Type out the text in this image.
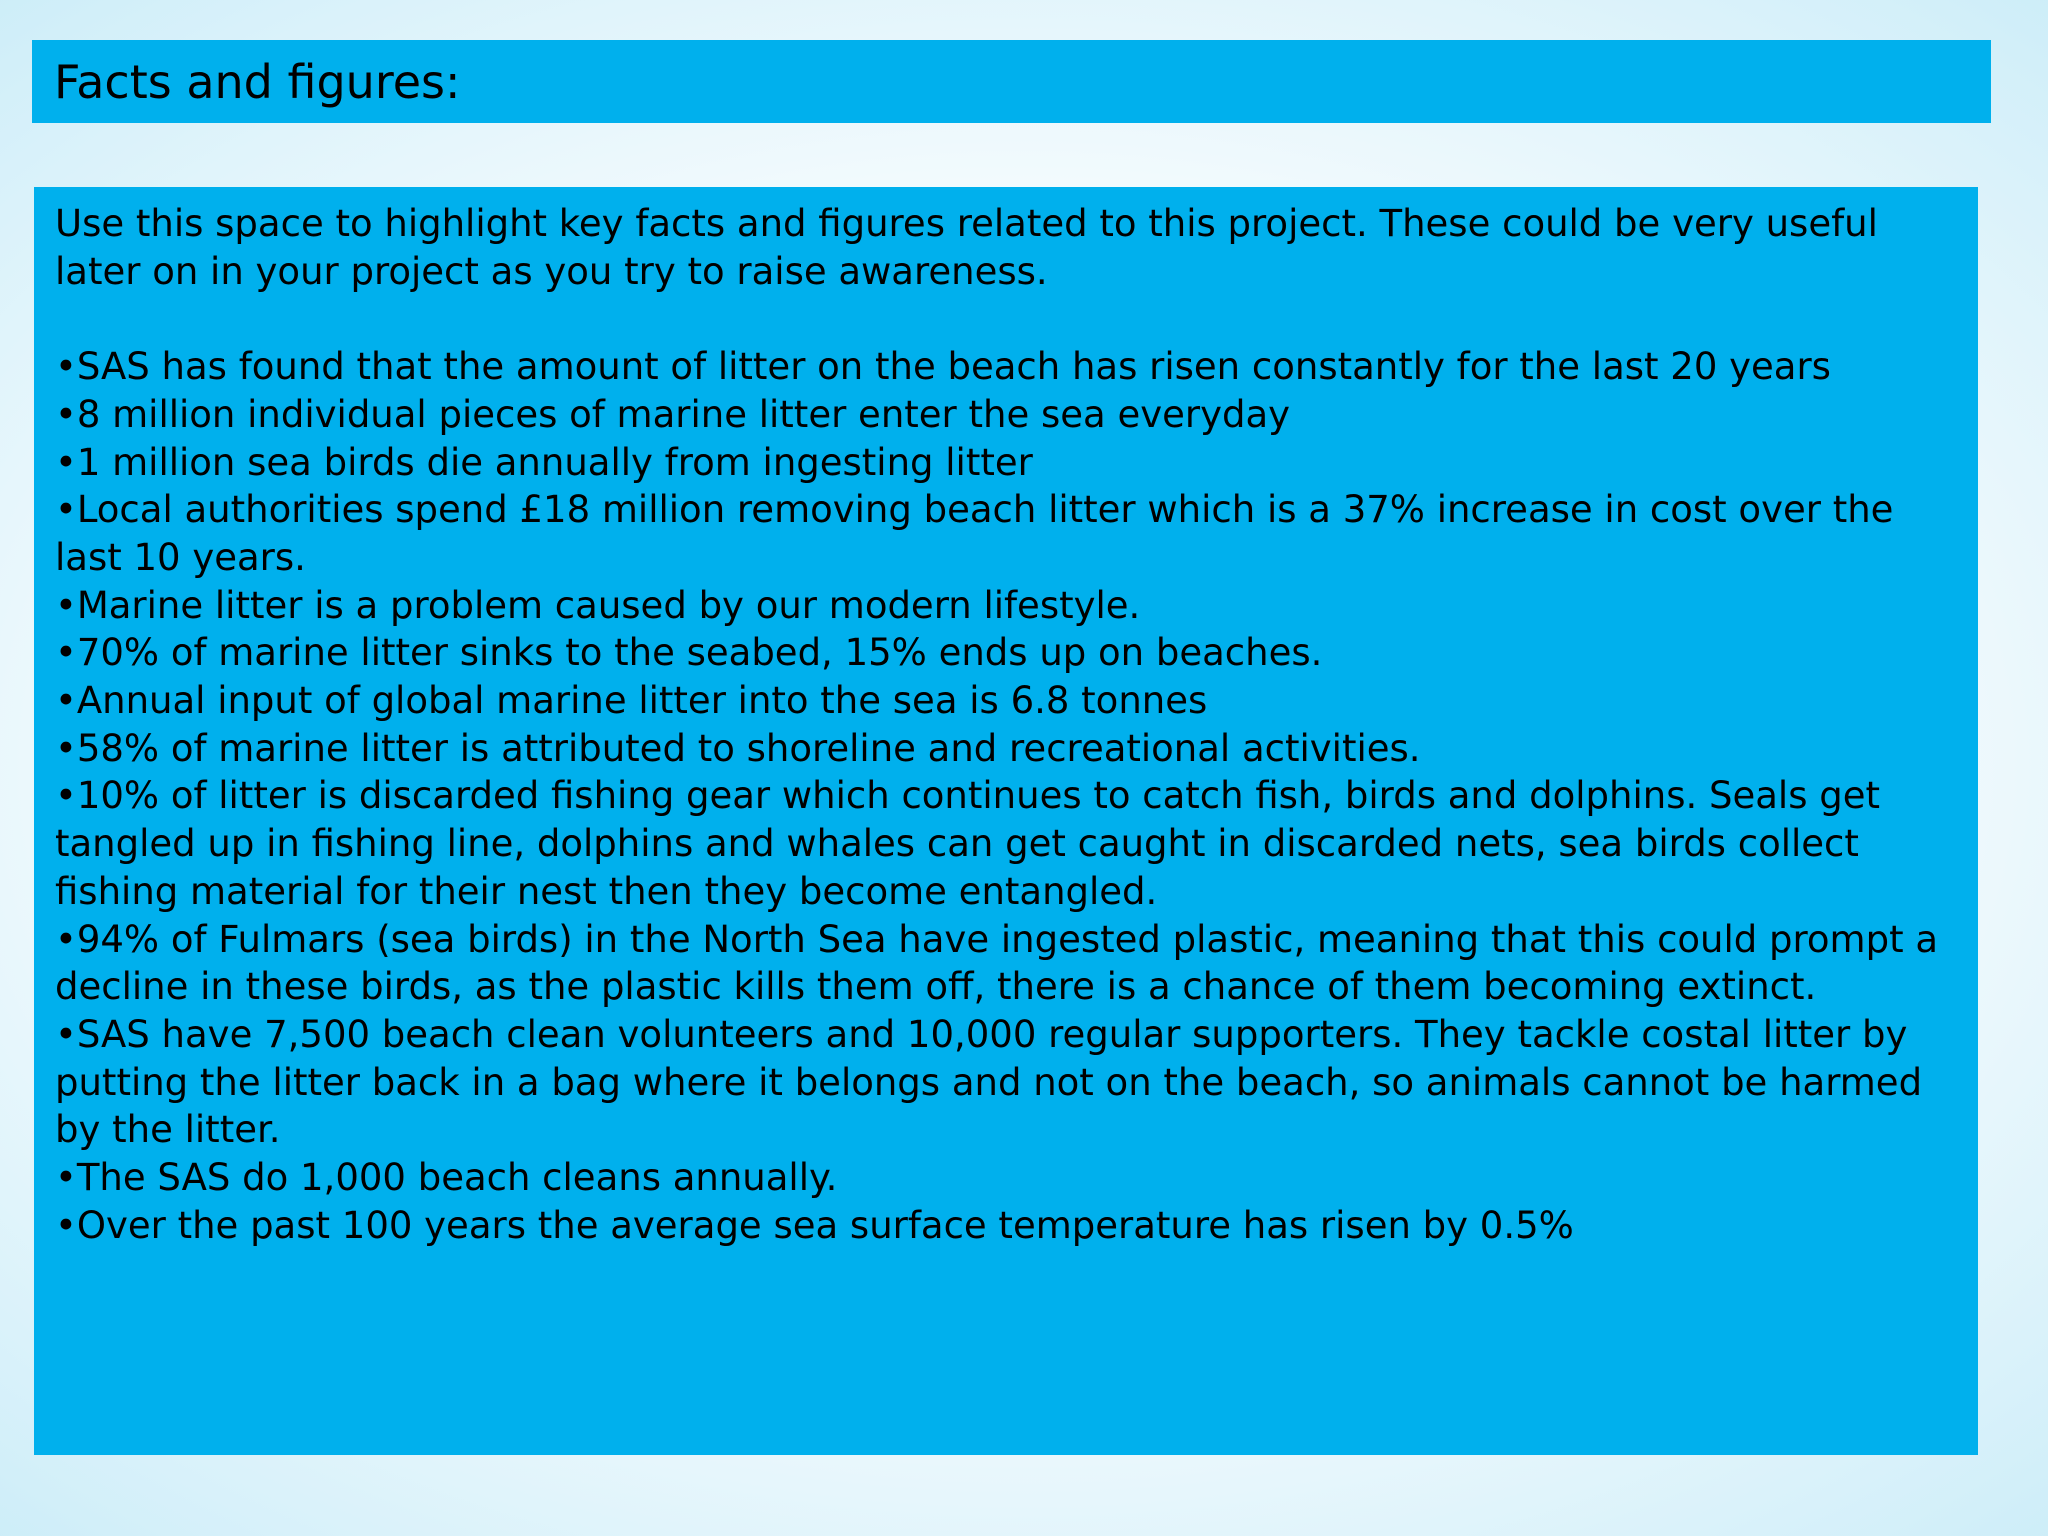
Facts and figures:

Use this space to highlight key facts and figures related to this project. These could be very useful later on in your project as you try to raise awareness.

•SAS has found that the amount of litter on the beach has risen constantly for the last 20 years
•8 million individual pieces of marine litter enter the sea everyday
•1 million sea birds die annually from ingesting litter
•Local authorities spend £18 million removing beach litter which is a 37% increase in cost over the last 10 years.
•Marine litter is a problem caused by our modern lifestyle.
•70% of marine litter sinks to the seabed, 15% ends up on beaches.
•Annual input of global marine litter into the sea is 6.8 tonnes
•58% of marine litter is attributed to shoreline and recreational activities.
•10% of litter is discarded fishing gear which continues to catch fish, birds and dolphins. Seals get tangled up in fishing line, dolphins and whales can get caught in discarded nets, sea birds collect fishing material for their nest then they become entangled.
•94% of Fulmars (sea birds) in the North Sea have ingested plastic, meaning that this could prompt a decline in these birds, as the plastic kills them off, there is a chance of them becoming extinct.
•SAS have 7,500 beach clean volunteers and 10,000 regular supporters. They tackle costal litter by putting the litter back in a bag where it belongs and not on the beach, so animals cannot be harmed by the litter.
•The SAS do 1,000 beach cleans annually.
•Over the past 100 years the average sea surface temperature has risen by 0.5%
